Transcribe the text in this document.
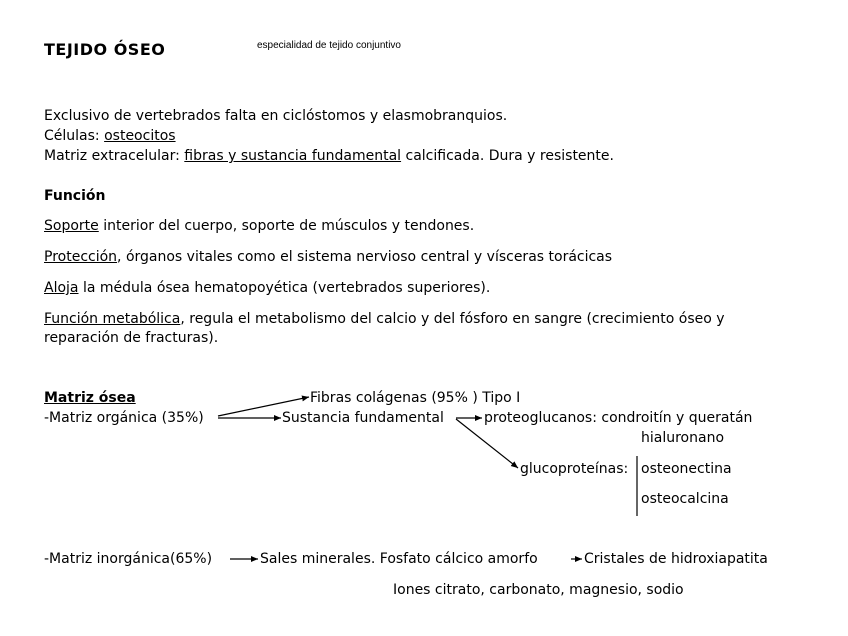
TEJIDO ÓSEO	especialidad de tejido conjuntivo
Exclusivo de vertebrados falta en ciclóstomos y elasmobranquios.
Células: osteocitos
Matriz extracelular: fibras y sustancia fundamental calcificada. Dura y resistente.
Función
Soporte interior del cuerpo, soporte de músculos y tendones.
Protección, órganos vitales como el sistema nervioso central y vísceras torácicas
Aloja la médula ósea hematopoyética (vertebrados superiores).
Función metabólica, regula el metabolismo del calcio y del fósforo en sangre (crecimiento óseo y
reparación de fracturas).
Matriz ósea	Fibras colágenas (95% ) Tipo I
-Matriz orgánica (35%)	Sustancia fundamental	proteoglucanos: condroitín y queratán
hialuronano
glucoproteínas: osteonectina
osteocalcina
-Matriz inorgánica(65%)	Sales minerales. Fosfato cálcico amorfo	Cristales de hidroxiapatita
Iones citrato, carbonato, magnesio, sodio
